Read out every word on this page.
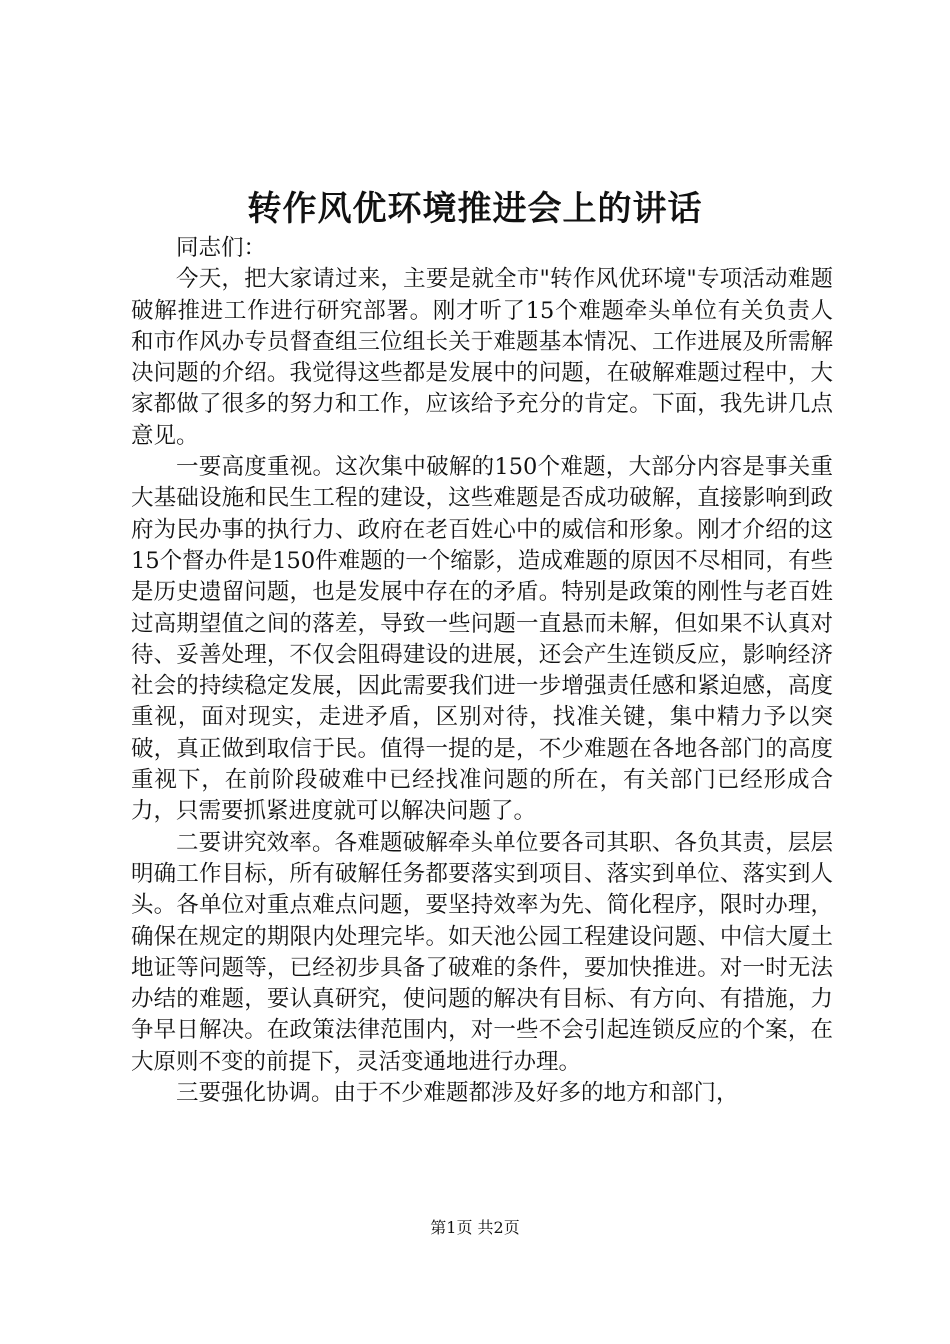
转作风优环境推进会上的讲话

同志们：

今天，把大家请过来，主要是就全市"转作风优环境"专项活动难题破解推进工作进行研究部署。刚才听了15个难题牵头单位有关负责人和市作风办专员督查组三位组长关于难题基本情况、工作进展及所需解决问题的介绍。我觉得这些都是发展中的问题，在破解难题过程中，大家都做了很多的努力和工作，应该给予充分的肯定。下面，我先讲几点意见。

一要高度重视。这次集中破解的150个难题，大部分内容是事关重大基础设施和民生工程的建设，这些难题是否成功破解，直接影响到政府为民办事的执行力、政府在老百姓心中的威信和形象。刚才介绍的这15个督办件是150件难题的一个缩影，造成难题的原因不尽相同，有些是历史遗留问题，也是发展中存在的矛盾。特别是政策的刚性与老百姓过高期望值之间的落差，导致一些问题一直悬而未解，但如果不认真对待、妥善处理，不仅会阻碍建设的进展，还会产生连锁反应，影响经济社会的持续稳定发展，因此需要我们进一步增强责任感和紧迫感，高度重视，面对现实，走进矛盾，区别对待，找准关键，集中精力予以突破，真正做到取信于民。值得一提的是，不少难题在各地各部门的高度重视下，在前阶段破难中已经找准问题的所在，有关部门已经形成合力，只需要抓紧进度就可以解决问题了。

二要讲究效率。各难题破解牵头单位要各司其职、各负其责，层层明确工作目标，所有破解任务都要落实到项目、落实到单位、落实到人头。各单位对重点难点问题，要坚持效率为先、简化程序，限时办理，确保在规定的期限内处理完毕。如天池公园工程建设问题、中信大厦土地证等问题等，已经初步具备了破难的条件，要加快推进。对一时无法办结的难题，要认真研究，使问题的解决有目标、有方向、有措施，力争早日解决。在政策法律范围内，对一些不会引起连锁反应的个案，在大原则不变的前提下，灵活变通地进行办理。

三要强化协调。由于不少难题都涉及好多的地方和部门，

第1页 共2页
